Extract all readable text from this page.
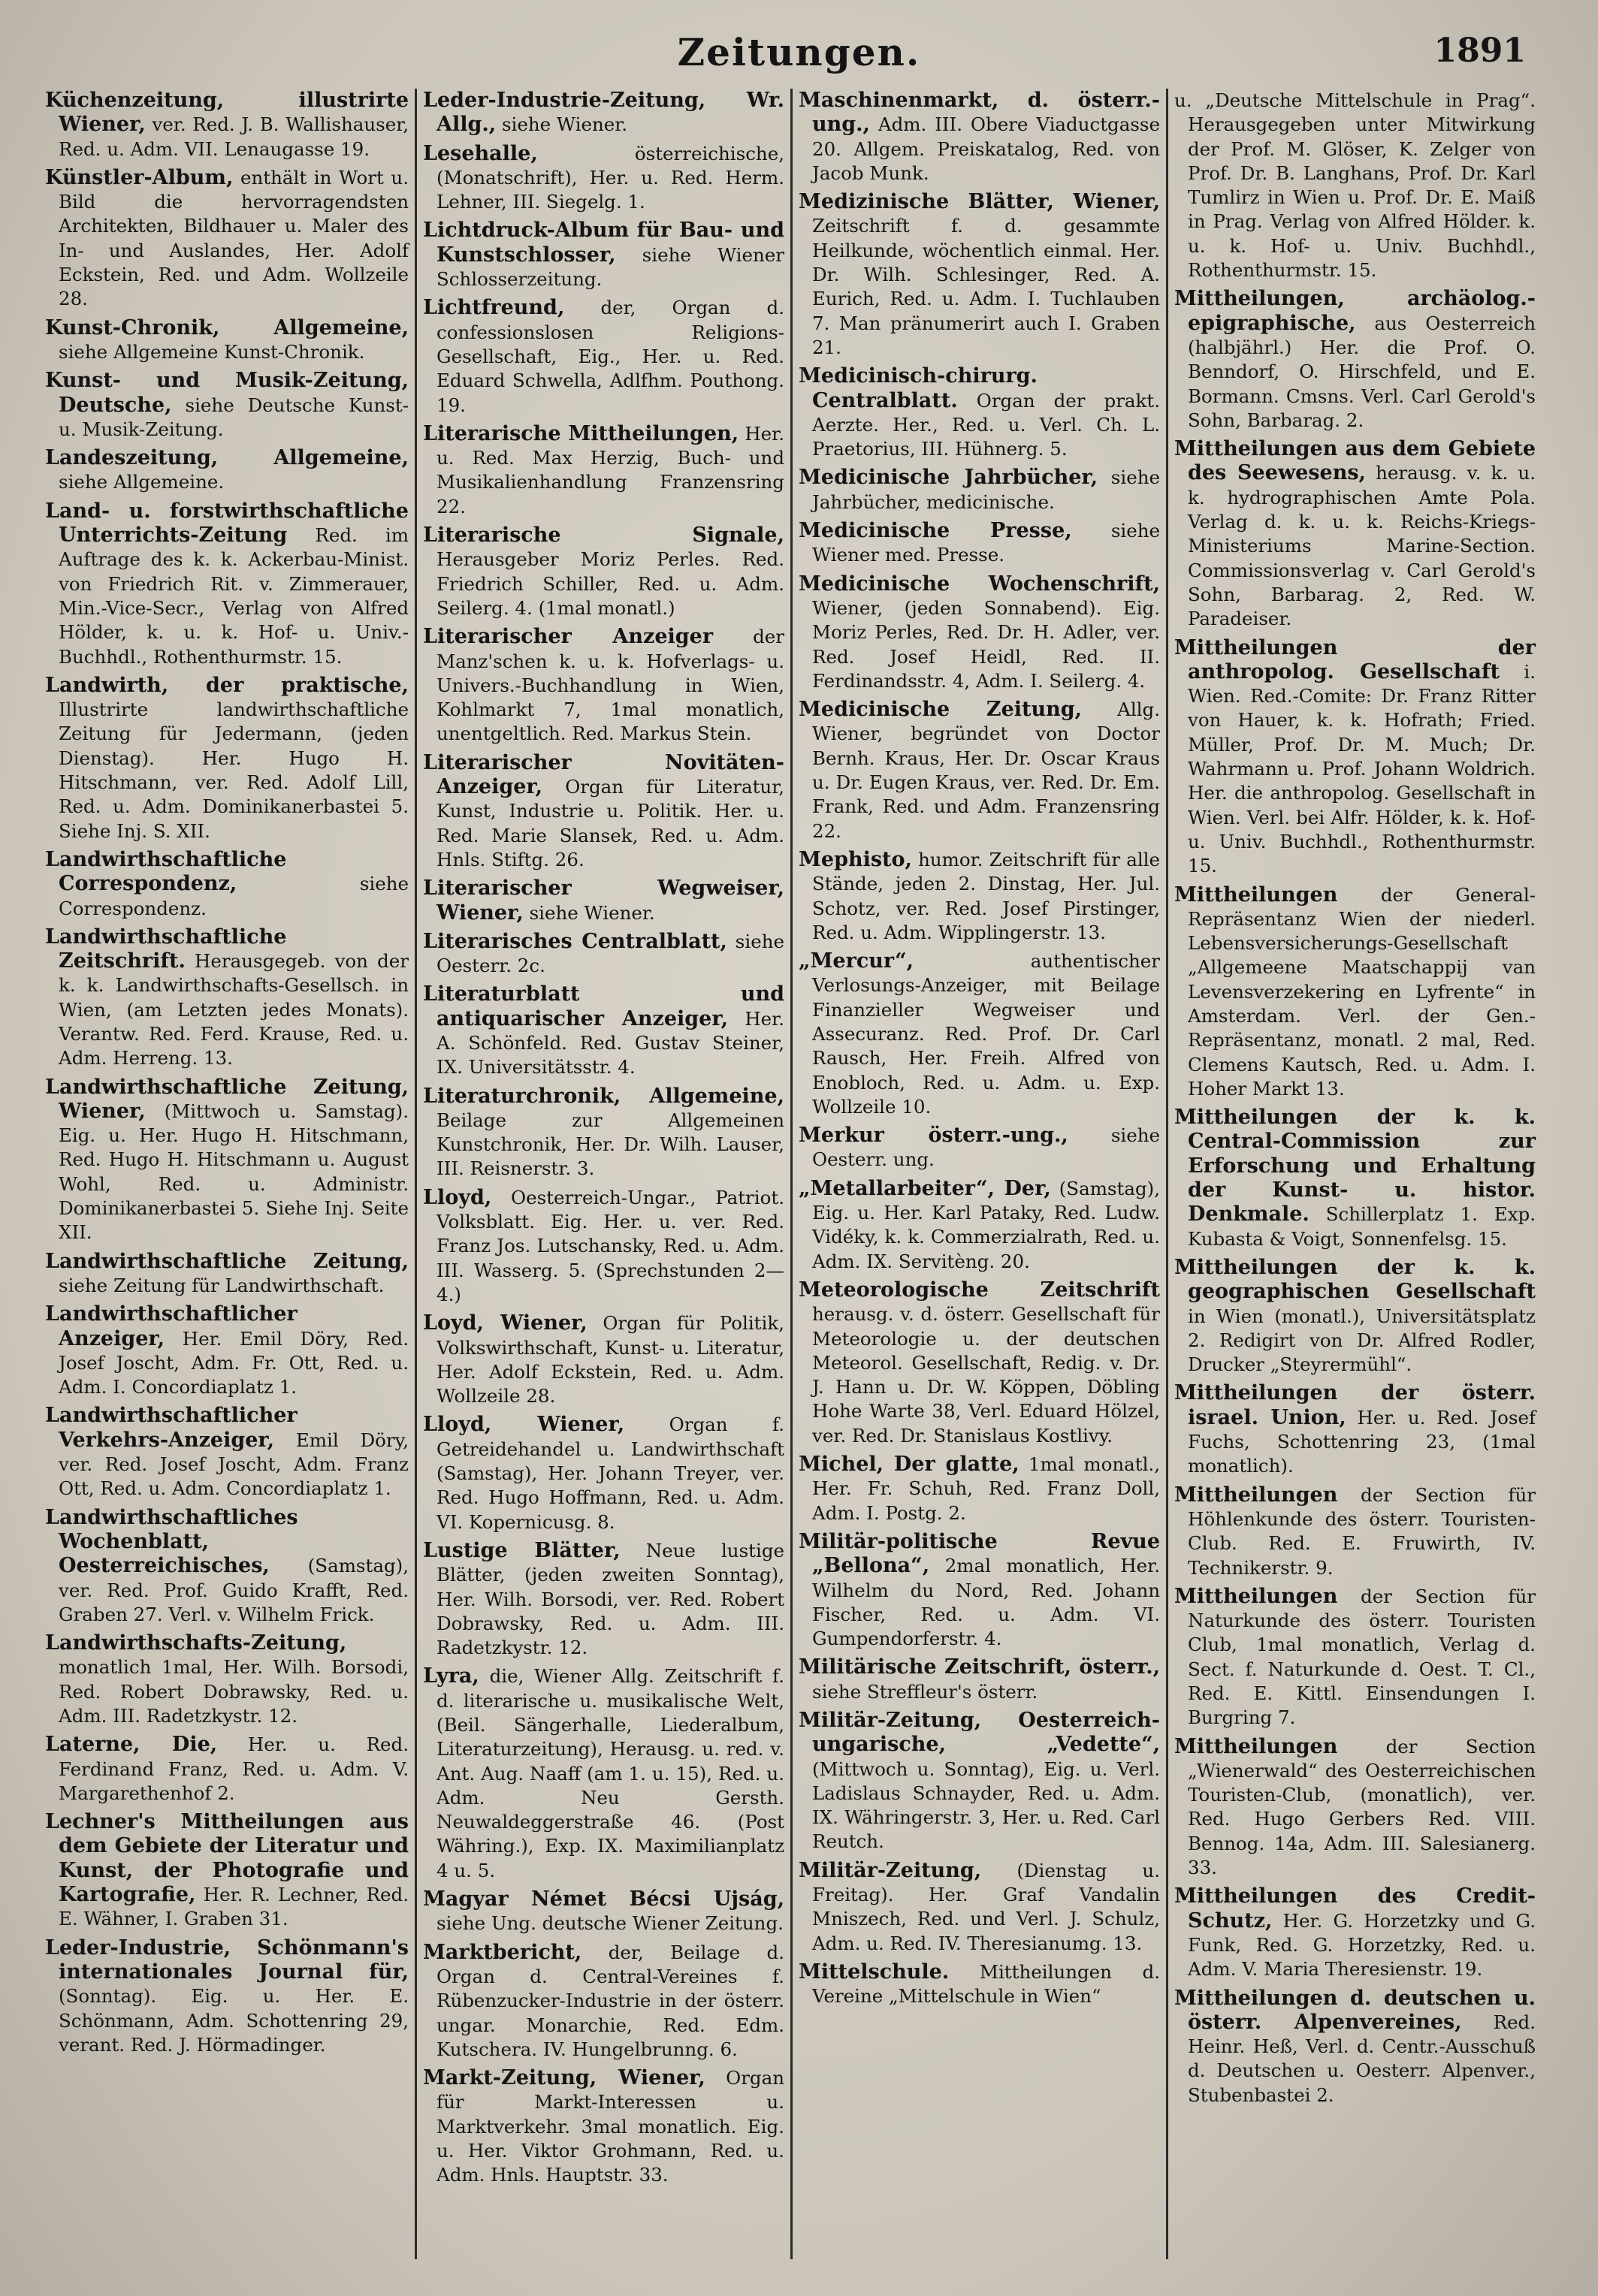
Zeitungen.	1891
Küchenzeitung, illustrirte Wiener, ver. Red. J. B. Wallishauser, Red. u. Adm. VII. Lenaugasse 19.
Künstler-Album, enthält in Wort u. Bild die hervorragendsten Architekten, Bildhauer u. Maler des In- und Auslandes, Her. Adolf Eckstein, Red. und Adm. Wollzeile 28.
Kunst-Chronik, Allgemeine, siehe Allgemeine Kunst-Chronik.
Kunst- und Musik-Zeitung, Deutsche, siehe Deutsche Kunst- u. Musik-Zeitung.
Landeszeitung, Allgemeine, siehe Allgemeine.
Land- u. forstwirthschaftliche Unterrichts-Zeitung Red. im Auftrage des k. k. Ackerbau-Minist. von Friedrich Rit. v. Zimmerauer, Min.-Vice-Secr., Verlag von Alfred Hölder, k. u. k. Hof- u. Univ.-Buchhdl., Rothenthurmstr. 15.
Landwirth, der praktische, Illustrirte landwirthschaftliche Zeitung für Jedermann, (jeden Dienstag). Her. Hugo H. Hitschmann, ver. Red. Adolf Lill, Red. u. Adm. Dominikanerbastei 5. Siehe Inj. S. XII.
Landwirthschaftliche Correspondenz,	siehe Correspondenz.
Landwirthschaftliche Zeitschrift. Herausgegeb. von der k. k. Landwirthschafts-Gesellsch. in Wien, (am Letzten jedes Monats). Verantw. Red. Ferd. Krause, Red. u. Adm. Herreng. 13.
Landwirthschaftliche Zeitung, Wiener, (Mittwoch u. Samstag). Eig. u. Her. Hugo H. Hitschmann, Red. Hugo H. Hitschmann u. August Wohl, Red. u. Administr. Dominikanerbastei 5. Siehe Inj. Seite XII.
Landwirthschaftliche Zeitung, siehe Zeitung für Landwirthschaft.
Landwirthschaftlicher Anzeiger, Her. Emil Döry, Red. Josef Joscht, Adm. Fr. Ott, Red. u. Adm. I. Concordiaplatz 1.
Landwirthschaftlicher Verkehrs-Anzeiger, Emil Döry, ver. Red. Josef Joscht, Adm. Franz Ott, Red. u. Adm. Concordiaplatz 1.
Landwirthschaftliches Wochenblatt, Oesterreichisches, (Samstag), ver. Red. Prof. Guido Krafft, Red. Graben 27. Verl. v. Wilhelm Frick.
Landwirthschafts-Zeitung, monatlich 1mal, Her. Wilh. Borsodi, Red. Robert Dobrawsky, Red. u. Adm. III. Radetzkystr. 12.
Laterne, Die, Her. u. Red. Ferdinand Franz, Red. u. Adm. V. Margarethenhof 2.
Lechner's Mittheilungen aus dem Gebiete der Literatur und Kunst, der Photografie und Kartografie, Her. R. Lechner, Red. E. Wähner, I. Graben 31.
Leder-Industrie, Schönmann's internationales Journal für, (Sonntag). Eig. u. Her. E. Schönmann, Adm. Schottenring 29, verant. Red. J. Hörmadinger.
Leder-Industrie-Zeitung, Wr. Allg., siehe Wiener.
Lesehalle,	österreichische, (Monatschrift), Her. u. Red. Herm. Lehner, III. Siegelg. 1.
Lichtdruck-Album für Bau- und Kunstschlosser, siehe Wiener Schlosserzeitung.
Lichtfreund, der, Organ d. confessionslosen Religions-Gesellschaft, Eig., Her. u. Red. Eduard Schwella, Adlfhm. Pouthong. 19.
Literarische Mittheilungen, Her. u. Red. Max Herzig, Buch- und Musikalienhandlung Franzensring 22.
Literarische Signale, Herausgeber Moriz Perles. Red. Friedrich Schiller, Red. u. Adm. Seilerg. 4. (1mal monatl.)
Literarischer Anzeiger der Manz'schen k. u. k. Hofverlags- u. Univers.-Buchhandlung in Wien, Kohlmarkt 7, 1mal monatlich, unentgeltlich. Red. Markus Stein.
Literarischer Novitäten-Anzeiger, Organ für Literatur, Kunst, Industrie u. Politik. Her. u. Red. Marie Slansek, Red. u. Adm. Hnls. Stiftg. 26.
Literarischer Wegweiser, Wiener, siehe Wiener.
Literarisches Centralblatt, siehe Oesterr. 2c.
Literaturblatt und antiquarischer Anzeiger, Her. A. Schönfeld. Red. Gustav Steiner, IX. Universitätsstr. 4.
Literaturchronik, Allgemeine, Beilage zur Allgemeinen Kunstchronik, Her. Dr. Wilh. Lauser, III. Reisnerstr. 3.
Lloyd, Oesterreich-Ungar., Patriot. Volksblatt. Eig. Her. u. ver. Red. Franz Jos. Lutschansky, Red. u. Adm. III. Wasserg. 5. (Sprechstunden 2—4.)
Loyd, Wiener, Organ für Politik, Volkswirthschaft, Kunst- u. Literatur, Her. Adolf Eckstein, Red. u. Adm. Wollzeile 28.
Lloyd, Wiener, Organ f. Getreidehandel u. Landwirthschaft (Samstag), Her. Johann Treyer, ver. Red. Hugo Hoffmann, Red. u. Adm. VI. Kopernicusg. 8.
Lustige Blätter, Neue lustige Blätter, (jeden zweiten Sonntag), Her. Wilh. Borsodi, ver. Red. Robert Dobrawsky, Red. u. Adm. III. Radetzkystr. 12.
Lyra, die, Wiener Allg. Zeitschrift f. d. literarische u. musikalische Welt, (Beil. Sängerhalle, Liederalbum, Literaturzeitung), Herausg. u. red. v. Ant. Aug. Naaff (am 1. u. 15), Red. u. Adm. Neu Gersth. Neuwaldeggerstraße 46. (Post Währing.), Exp. IX. Maximilianplatz 4 u. 5.
Magyar Német Bécsi Ujság, siehe Ung. deutsche Wiener Zeitung.
Marktbericht, der, Beilage d. Organ d. Central-Vereines f. Rübenzucker-Industrie in der österr. ungar. Monarchie, Red. Edm. Kutschera. IV. Hungelbrunng. 6.
Markt-Zeitung, Wiener, Organ für Markt-Interessen u. Marktverkehr. 3mal monatlich. Eig. u. Her. Viktor Grohmann, Red. u. Adm. Hnls. Hauptstr. 33.
Maschinenmarkt, d. österr.-ung., Adm. III. Obere Viaductgasse 20. Allgem. Preiskatalog, Red. von Jacob Munk.
Medizinische Blätter, Wiener, Zeitschrift f. d. gesammte Heilkunde, wöchentlich einmal. Her. Dr. Wilh. Schlesinger, Red. A. Eurich, Red. u. Adm. I. Tuchlauben 7. Man pränumerirt auch I. Graben 21.
Medicinisch-chirurg. Centralblatt. Organ der prakt. Aerzte. Her., Red. u. Verl. Ch. L. Praetorius, III. Hühnerg. 5.
Medicinische Jahrbücher, siehe Jahrbücher, medicinische.
Medicinische Presse, siehe Wiener med. Presse.
Medicinische Wochenschrift, Wiener, (jeden Sonnabend). Eig. Moriz Perles, Red. Dr. H. Adler, ver. Red. Josef Heidl, Red. II. Ferdinandsstr. 4, Adm. I. Seilerg. 4.
Medicinische Zeitung, Allg. Wiener, begründet von Doctor Bernh. Kraus, Her. Dr. Oscar Kraus u. Dr. Eugen Kraus, ver. Red. Dr. Em. Frank, Red. und Adm. Franzensring 22.
Mephisto, humor. Zeitschrift für alle Stände, jeden 2. Dinstag, Her. Jul. Schotz, ver. Red. Josef Pirstinger, Red. u. Adm. Wipplingerstr. 13.
„Mercur“,	authentischer Verlosungs-Anzeiger, mit Beilage Finanzieller Wegweiser und Assecuranz. Red. Prof. Dr. Carl Rausch, Her. Freih. Alfred von Enobloch, Red. u. Adm. u. Exp. Wollzeile 10.
Merkur österr.-ung., siehe Oesterr. ung.
„Metallarbeiter“, Der, (Samstag), Eig. u. Her. Karl Pataky, Red. Ludw. Vidéky, k. k. Commerzialrath, Red. u. Adm. IX. Servitèng. 20.
Meteorologische Zeitschrift herausg. v. d. österr. Gesellschaft für Meteorologie u. der deutschen Meteorol. Gesellschaft, Redig. v. Dr. J. Hann u. Dr. W. Köppen, Döbling Hohe Warte 38, Verl. Eduard Hölzel, ver. Red. Dr. Stanislaus Kostlivy.
Michel, Der glatte, 1mal monatl., Her. Fr. Schuh, Red. Franz Doll, Adm. I. Postg. 2.
Militär-politische Revue „Bellona“, 2mal monatlich, Her. Wilhelm du Nord, Red. Johann Fischer, Red. u. Adm. VI. Gumpendorferstr. 4.
Militärische Zeitschrift, österr., siehe Streffleur's österr.
Militär-Zeitung, Oesterreich-ungarische, „Vedette“, (Mittwoch u. Sonntag), Eig. u. Verl. Ladislaus Schnayder, Red. u. Adm. IX. Währingerstr. 3, Her. u. Red. Carl Reutch.
Militär-Zeitung, (Dienstag u. Freitag). Her. Graf Vandalin Mniszech, Red. und Verl. J. Schulz, Adm. u. Red. IV. Theresianumg. 13.
Mittelschule. Mittheilungen d. Vereine „Mittelschule in Wien“
u. „Deutsche Mittelschule in Prag“. Herausgegeben unter Mitwirkung der Prof. M. Glöser, K. Zelger von Prof. Dr. B. Langhans, Prof. Dr. Karl Tumlirz in Wien u. Prof. Dr. E. Maiß in Prag. Verlag von Alfred Hölder. k. u. k. Hof- u. Univ. Buchhdl., Rothenthurmstr. 15.
Mittheilungen, archäolog.-epigraphische, aus Oesterreich (halbjährl.) Her. die Prof. O. Benndorf, O. Hirschfeld, und E. Bormann. Cmsns. Verl. Carl Gerold's Sohn, Barbarag. 2.
Mittheilungen aus dem Gebiete des Seewesens, herausg. v. k. u. k. hydrographischen Amte Pola. Verlag d. k. u. k. Reichs-Kriegs-Ministeriums Marine-Section. Commissionsverlag v. Carl Gerold's Sohn, Barbarag. 2, Red. W. Paradeiser.
Mittheilungen der anthropolog. Gesellschaft i. Wien. Red.-Comite: Dr. Franz Ritter von Hauer, k. k. Hofrath; Fried. Müller, Prof. Dr. M. Much; Dr. Wahrmann u. Prof. Johann Woldrich. Her. die anthropolog. Gesellschaft in Wien. Verl. bei Alfr. Hölder, k. k. Hof- u. Univ. Buchhdl., Rothenthurmstr. 15.
Mittheilungen der General-Repräsentanz Wien der niederl. Lebensversicherungs-Gesellschaft „Allgemeene Maatschappij van Levensverzekering en Lyfrente“ in Amsterdam. Verl. der Gen.-Repräsentanz, monatl. 2 mal, Red. Clemens Kautsch, Red. u. Adm. I. Hoher Markt 13.
Mittheilungen der k. k. Central-Commission zur Erforschung und Erhaltung der Kunst- u. histor. Denkmale. Schillerplatz 1. Exp. Kubasta & Voigt, Sonnenfelsg. 15.
Mittheilungen der k. k. geographischen Gesellschaft in Wien (monatl.), Universitätsplatz 2. Redigirt von Dr. Alfred Rodler, Drucker „Steyrermühl“.
Mittheilungen der österr. israel. Union, Her. u. Red. Josef Fuchs, Schottenring 23, (1mal monatlich).
Mittheilungen der Section für Höhlenkunde des österr. Touristen-Club. Red. E. Fruwirth, IV. Technikerstr. 9.
Mittheilungen der Section für Naturkunde des österr. Touristen Club, 1mal monatlich, Verlag d. Sect. f. Naturkunde d. Oest. T. Cl., Red. E. Kittl. Einsendungen I. Burgring 7.
Mittheilungen	der Section „Wienerwald“ des Oesterreichischen Touristen-Club, (monatlich), ver. Red. Hugo Gerbers Red. VIII. Bennog. 14a, Adm. III. Salesianerg. 33.
Mittheilungen des Credit-Schutz, Her. G. Horzetzky und G. Funk, Red. G. Horzetzky, Red. u. Adm. V. Maria Theresienstr. 19.
Mittheilungen d. deutschen u. österr. Alpenvereines, Red. Heinr. Heß, Verl. d. Centr.-Ausschuß d. Deutschen u. Oesterr. Alpenver., Stubenbastei 2.
